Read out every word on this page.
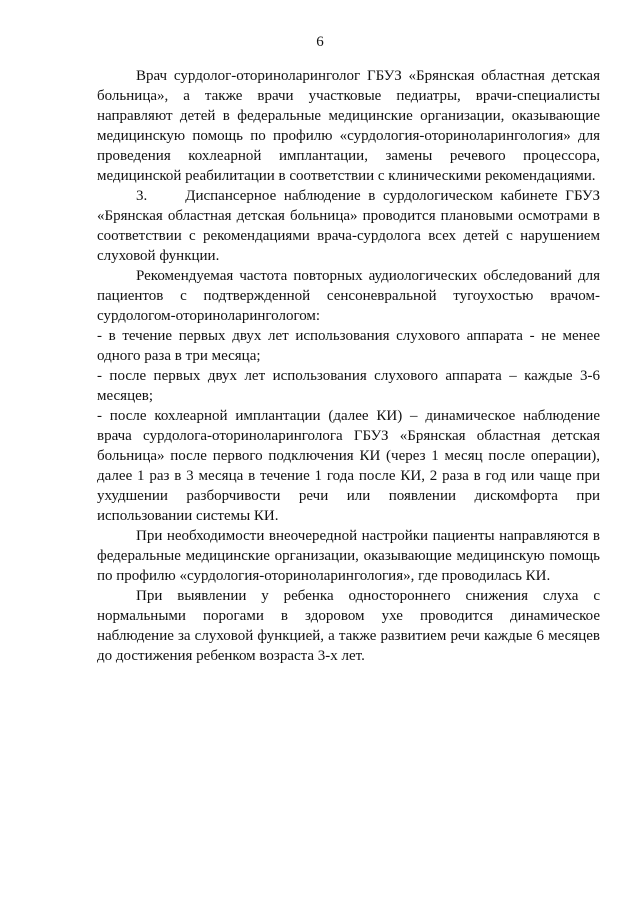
6

Врач сурдолог-оториноларинголог ГБУЗ «Брянская областная детская больница», а также врачи участковые педиатры, врачи-специалисты направляют детей в федеральные медицинские организации, оказывающие медицинскую помощь по профилю «сурдология-оториноларингология» для проведения кохлеарной имплантации, замены речевого процессора, медицинской реабилитации в соответствии с клиническими рекомендациями.

3.     Диспансерное наблюдение в сурдологическом кабинете ГБУЗ «Брянская областная детская больница» проводится плановыми осмотрами в соответствии с рекомендациями врача-сурдолога всех детей с нарушением слуховой функции.

Рекомендуемая частота повторных аудиологических обследований для пациентов с подтвержденной сенсоневральной тугоухостью врачом-сурдологом-оториноларингологом:

- в течение первых двух лет использования слухового аппарата - не менее одного раза в три месяца;

- после первых двух лет использования слухового аппарата – каждые 3-6 месяцев;

- после кохлеарной имплантации (далее КИ) – динамическое наблюдение врача сурдолога-оториноларинголога ГБУЗ «Брянская областная детская больница» после первого подключения КИ (через 1 месяц после операции), далее 1 раз в 3 месяца в течение 1 года после КИ, 2 раза в год или чаще при ухудшении разборчивости речи или появлении дискомфорта при использовании системы КИ.

При необходимости внеочередной настройки пациенты направляются в федеральные медицинские организации, оказывающие медицинскую помощь по профилю «сурдология-оториноларингология», где проводилась КИ.

При выявлении у ребенка одностороннего снижения слуха с нормальными порогами в здоровом ухе проводится динамическое наблюдение за слуховой функцией, а также развитием речи каждые 6 месяцев до достижения ребенком возраста 3-х лет.
